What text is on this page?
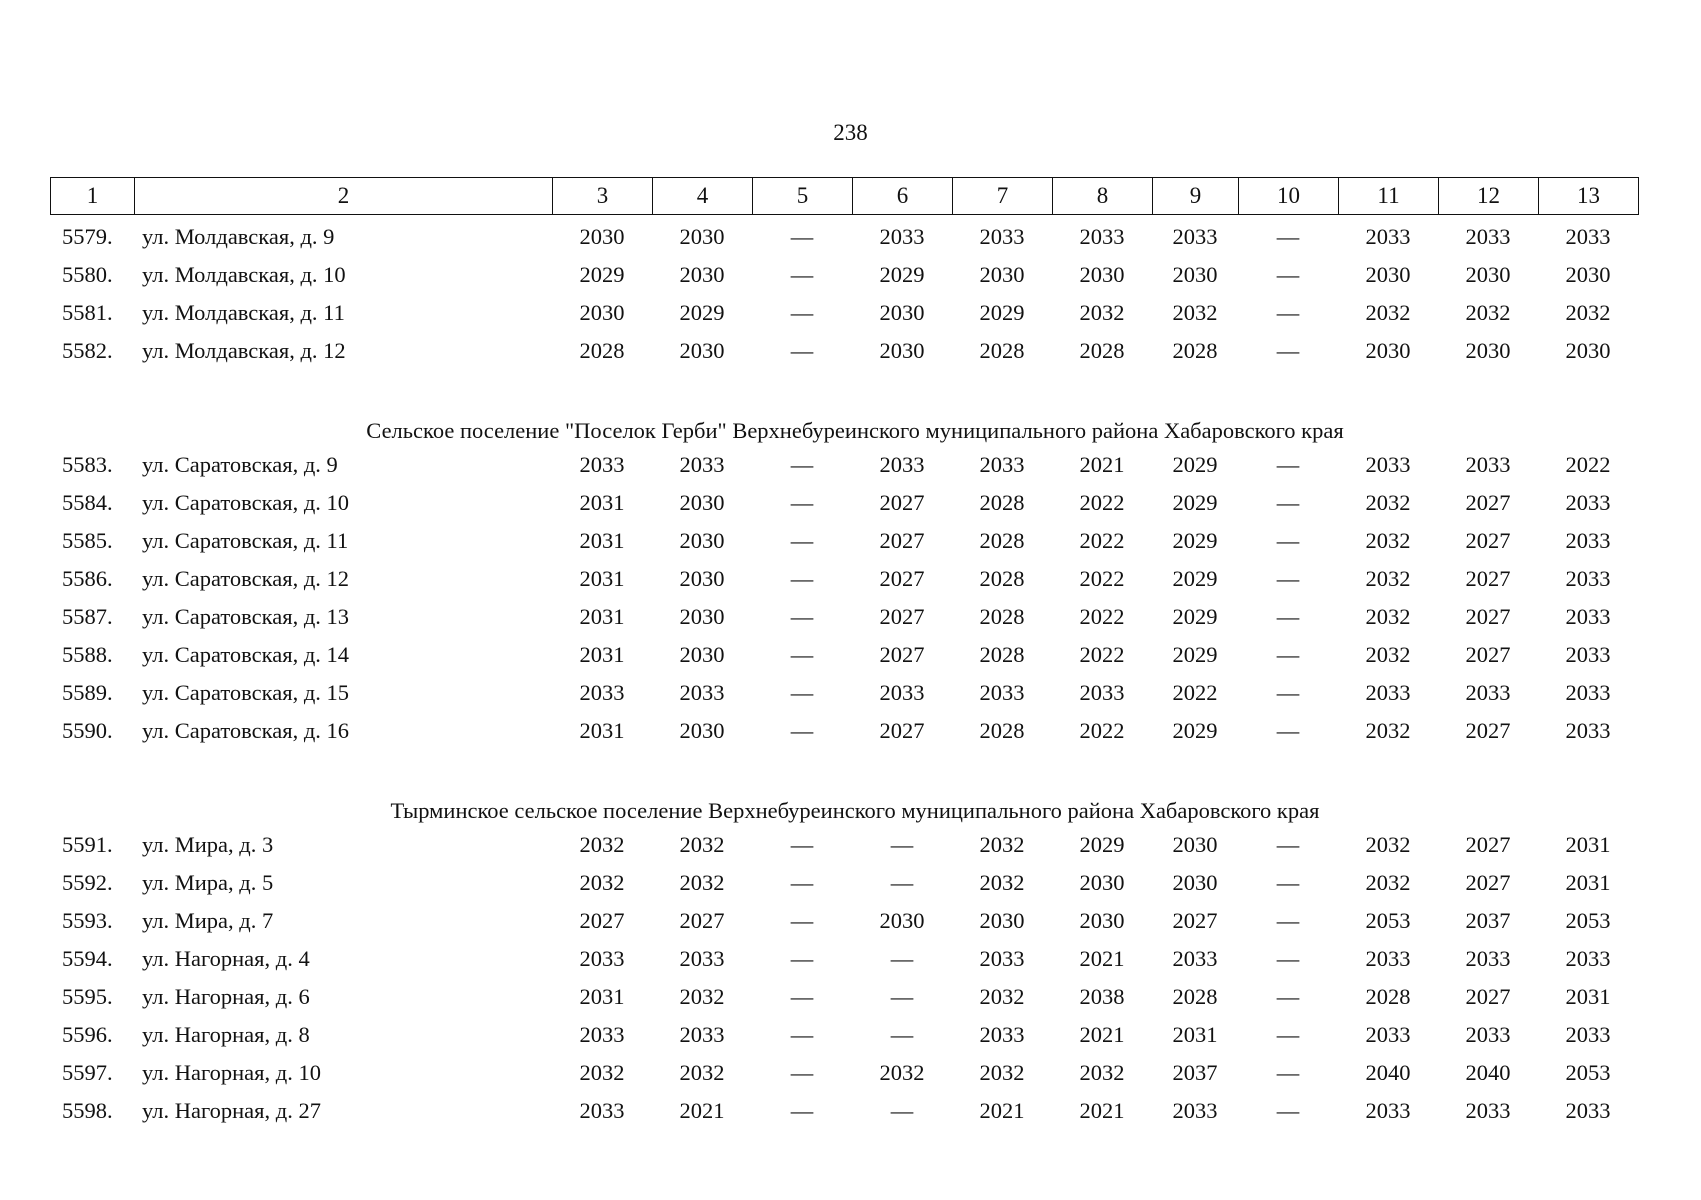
238
1	2	3	4	5	6	7	8	9	10	11	12	13
5579.	ул. Молдавская, д. 9	2030	2030	—	2033	2033	2033	2033	—	2033	2033	2033
5580.	ул. Молдавская, д. 10	2029	2030	—	2029	2030	2030	2030	—	2030	2030	2030
5581.	ул. Молдавская, д. 11	2030	2029	—	2030	2029	2032	2032	—	2032	2032	2032
5582.	ул. Молдавская, д. 12	2028	2030	—	2030	2028	2028	2028	—	2030	2030	2030
Сельское поселение "Поселок Герби" Верхнебуреинского муниципального района Хабаровского края
5583.	ул. Саратовская, д. 9	2033	2033	—	2033	2033	2021	2029	—	2033	2033	2022
5584.	ул. Саратовская, д. 10	2031	2030	—	2027	2028	2022	2029	—	2032	2027	2033
5585.	ул. Саратовская, д. 11	2031	2030	—	2027	2028	2022	2029	—	2032	2027	2033
5586.	ул. Саратовская, д. 12	2031	2030	—	2027	2028	2022	2029	—	2032	2027	2033
5587.	ул. Саратовская, д. 13	2031	2030	—	2027	2028	2022	2029	—	2032	2027	2033
5588.	ул. Саратовская, д. 14	2031	2030	—	2027	2028	2022	2029	—	2032	2027	2033
5589.	ул. Саратовская, д. 15	2033	2033	—	2033	2033	2033	2022	—	2033	2033	2033
5590.	ул. Саратовская, д. 16	2031	2030	—	2027	2028	2022	2029	—	2032	2027	2033
Тырминское сельское поселение Верхнебуреинского муниципального района Хабаровского края
5591.	ул. Мира, д. 3	2032	2032	—	—	2032	2029	2030	—	2032	2027	2031
5592.	ул. Мира, д. 5	2032	2032	—	—	2032	2030	2030	—	2032	2027	2031
5593.	ул. Мира, д. 7	2027	2027	—	2030	2030	2030	2027	—	2053	2037	2053
5594.	ул. Нагорная, д. 4	2033	2033	—	—	2033	2021	2033	—	2033	2033	2033
5595.	ул. Нагорная, д. 6	2031	2032	—	—	2032	2038	2028	—	2028	2027	2031
5596.	ул. Нагорная, д. 8	2033	2033	—	—	2033	2021	2031	—	2033	2033	2033
5597.	ул. Нагорная, д. 10	2032	2032	—	2032	2032	2032	2037	—	2040	2040	2053
5598.	ул. Нагорная, д. 27	2033	2021	—	—	2021	2021	2033	—	2033	2033	2033
